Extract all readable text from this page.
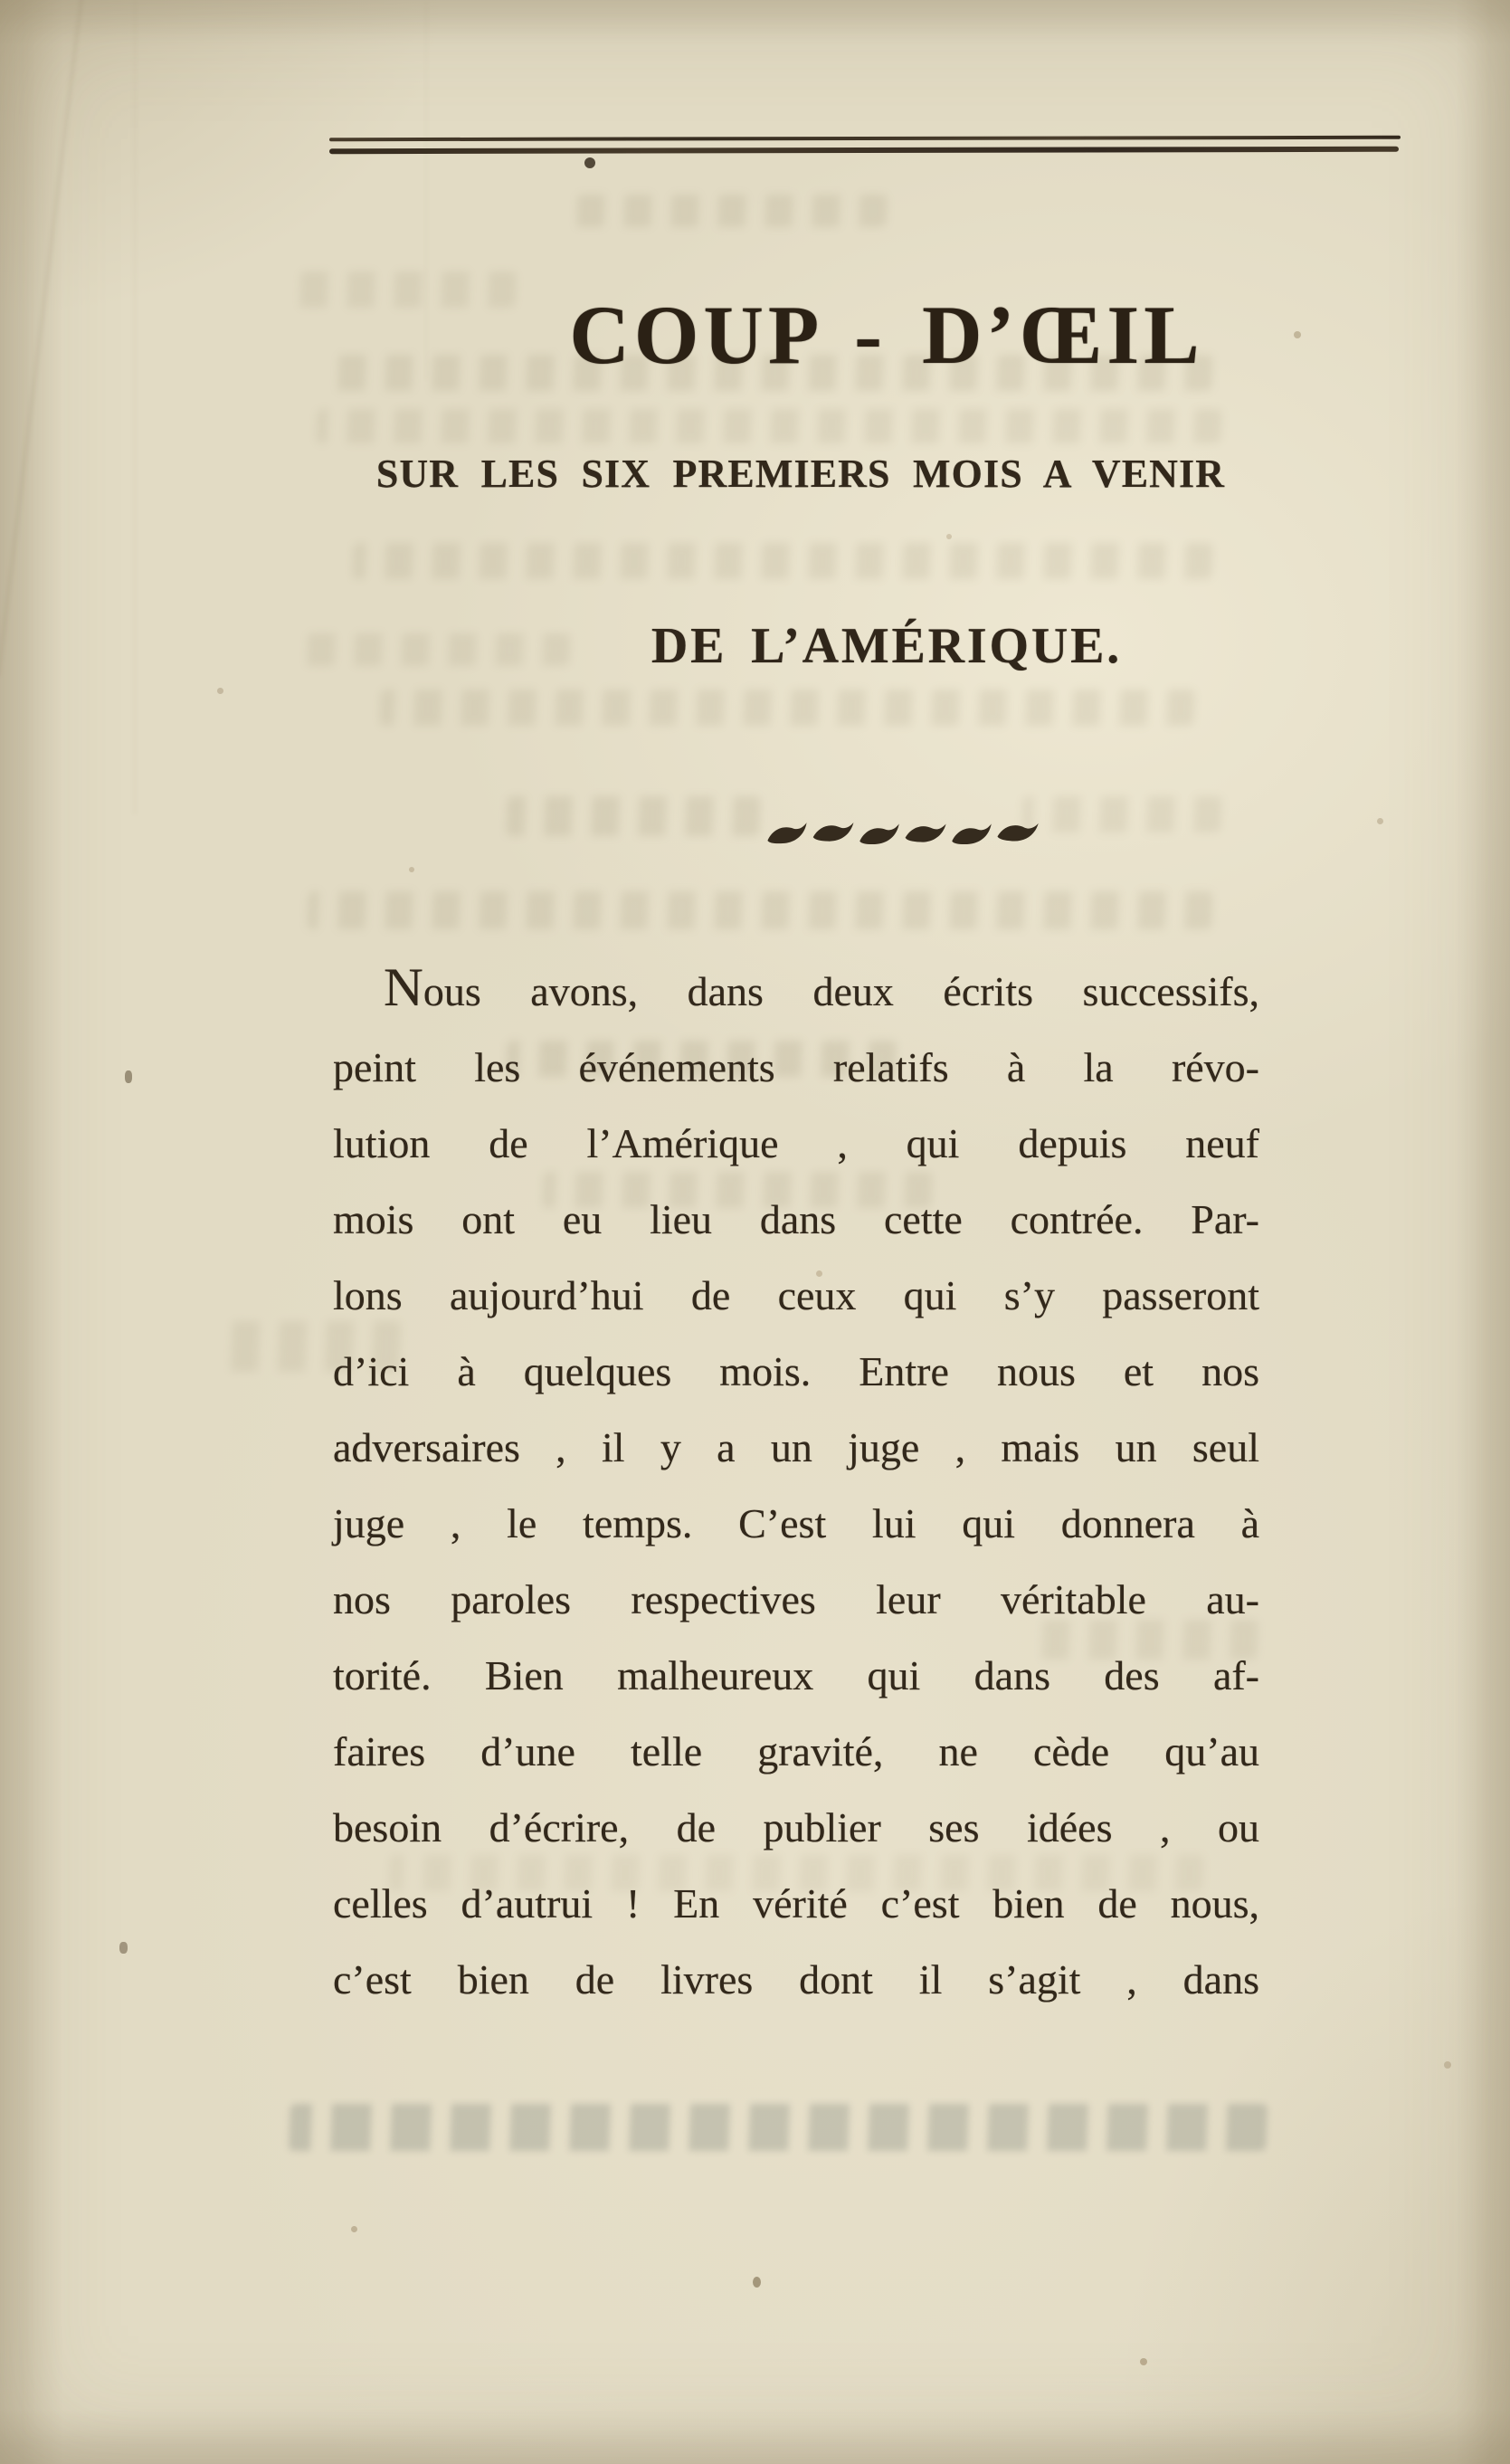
COUP - D’ŒIL
SUR LES SIX PREMIERS MOIS A VENIR
DE L’AMÉRIQUE.
Nous avons, dans deux écrits successifs,
peint les événements relatifs à la révo-
lution de l’Amérique , qui depuis neuf
mois ont eu lieu dans cette contrée. Par-
lons aujourd’hui de ceux qui s’y passeront
d’ici à quelques mois. Entre nous et nos
adversaires , il y a un juge , mais un seul
juge , le temps. C’est lui qui donnera à
nos paroles respectives leur véritable au-
torité. Bien malheureux qui dans des af-
faires d’une telle gravité, ne cède qu’au
besoin d’écrire, de publier ses idées , ou
celles d’autrui ! En vérité c’est bien de nous,
c’est bien de livres dont il s’agit , dans
